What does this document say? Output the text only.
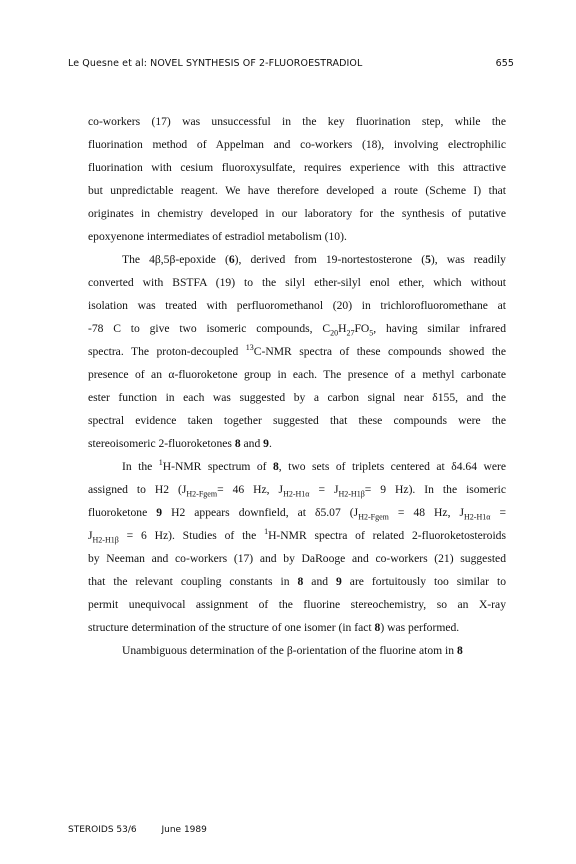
Le Quesne et al: NOVEL SYNTHESIS OF 2-FLUOROESTRADIOL	655
co-workers (17) was unsuccessful in the key fluorination step, while the
fluorination method of Appelman and co-workers (18), involving electrophilic
fluorination with cesium fluoroxysulfate, requires experience with this attractive
but unpredictable reagent. We have therefore developed a route (Scheme I) that
originates in chemistry developed in our laboratory for the synthesis of putative
epoxyenone intermediates of estradiol metabolism (10).
The 4β,5β-epoxide (6), derived from 19-nortestosterone (5), was readily
converted with BSTFA (19) to the silyl ether-silyl enol ether, which without
isolation was treated with perfluoromethanol (20) in trichlorofluoromethane at
-78 C to give two isomeric compounds, $C_{20}H_{27}FO_5$, having similar infrared
spectra. The proton-decoupled $^{13}$C-NMR spectra of these compounds showed the
presence of an α-fluoroketone group in each. The presence of a methyl carbonate
ester function in each was suggested by a carbon signal near δ155, and the
spectral evidence taken together suggested that these compounds were the
stereoisomeric 2-fluoroketones 8 and 9.
In the $^1$H-NMR spectrum of 8, two sets of triplets centered at δ4.64 were
assigned to H2 ($J_{H2-Fgem}= 46$ Hz, $J_{H2-H1\alpha} = J_{H2-H1\beta}= 9$ Hz). In the isomeric
fluoroketone 9 H2 appears downfield, at δ5.07 ($J_{H2-Fgem} = 48$ Hz, $J_{H2-H1\alpha}$ =
$J_{H2-H1\beta} = 6$ Hz). Studies of the $^1$H-NMR spectra of related 2-fluoroketosteroids
by Neeman and co-workers (17) and by DaRooge and co-workers (21) suggested
that the relevant coupling constants in 8 and 9 are fortuitously too similar to
permit unequivocal assignment of the fluorine stereochemistry, so an X-ray
structure determination of the structure of one isomer (in fact 8) was performed.
Unambiguous determination of the β-orientation of the fluorine atom in 8
STEROIDS 53/6	June 1989
